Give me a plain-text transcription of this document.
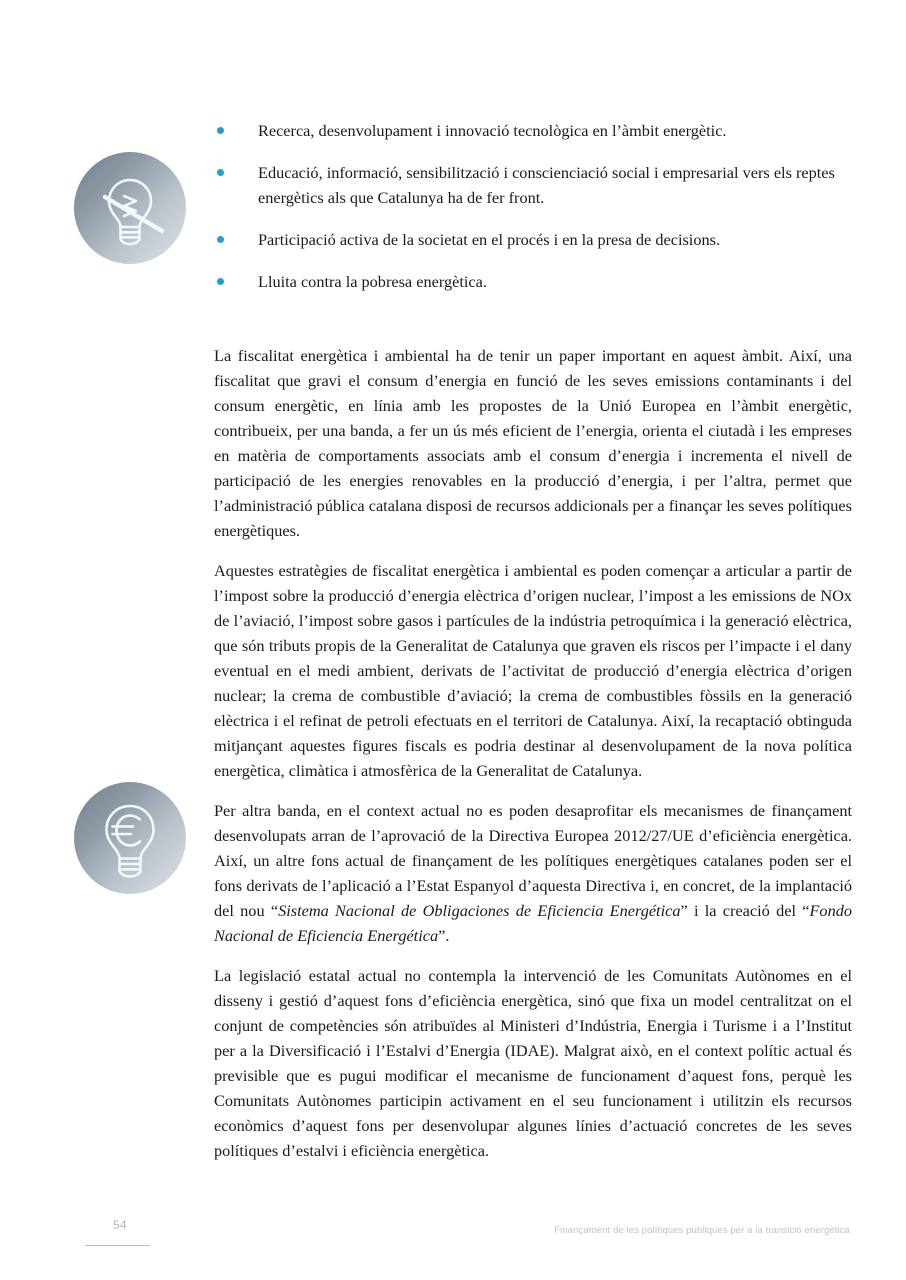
Recerca, desenvolupament i innovació tecnològica en l’àmbit energètic.
Educació, informació, sensibilització i conscienciació social i empresarial vers els reptes energètics als que Catalunya ha de fer front.
Participació activa de la societat en el procés i en la presa de decisions.
Lluita contra la pobresa energètica.

La fiscalitat energètica i ambiental ha de tenir un paper important en aquest àmbit. Així, una fiscalitat que gravi el consum d’energia en funció de les seves emissions contaminants i del consum energètic, en línia amb les propostes de la Unió Europea en l’àmbit energètic, contribueix, per una banda, a fer un ús més eficient de l’energia, orienta el ciutadà i les empreses en matèria de comportaments associats amb el consum d’energia i incrementa el nivell de participació de les energies renovables en la producció d’energia, i per l’altra, permet que l’administració pública catalana disposi de recursos addicionals per a finançar les seves polítiques energètiques.

Aquestes estratègies de fiscalitat energètica i ambiental es poden començar a articular a partir de l’impost sobre la producció d’energia elèctrica d’origen nuclear, l’impost a les emissions de NOx de l’aviació, l’impost sobre gasos i partícules de la indústria petroquímica i la generació elèctrica, que són tributs propis de la Generalitat de Catalunya que graven els riscos per l’impacte i el dany eventual en el medi ambient, derivats de l’activitat de producció d’energia elèctrica d’origen nuclear; la crema de combustible d’aviació; la crema de combustibles fòssils en la generació elèctrica i el refinat de petroli efectuats en el territori de Catalunya. Així, la recaptació obtinguda mitjançant aquestes figures fiscals es podria destinar al desenvolupament de la nova política energètica, climàtica i atmosfèrica de la Generalitat de Catalunya.

Per altra banda, en el context actual no es poden desaprofitar els mecanismes de finançament desenvolupats arran de l’aprovació de la Directiva Europea 2012/27/UE d’eficiència energètica. Així, un altre fons actual de finançament de les polítiques energètiques catalanes poden ser el fons derivats de l’aplicació a l’Estat Espanyol d’aquesta Directiva i, en concret, de la implantació del nou “Sistema Nacional de Obligaciones de Eficiencia Energética” i la creació del “Fondo Nacional de Eficiencia Energética”.

La legislació estatal actual no contempla la intervenció de les Comunitats Autònomes en el disseny i gestió d’aquest fons d’eficiència energètica, sinó que fixa un model centralitzat on el conjunt de competències són atribuïdes al Ministeri d’Indústria, Energia i Turisme i a l’Institut per a la Diversificació i l’Estalvi d’Energia (IDAE). Malgrat això, en el context polític actual és previsible que es pugui modificar el mecanisme de funcionament d’aquest fons, perquè les Comunitats Autònomes participin activament en el seu funcionament i utilitzin els recursos econòmics d’aquest fons per desenvolupar algunes línies d’actuació concretes de les seves polítiques d’estalvi i eficiència energètica.

54	Finançament de les polítiques públiques per a la transició energètica
